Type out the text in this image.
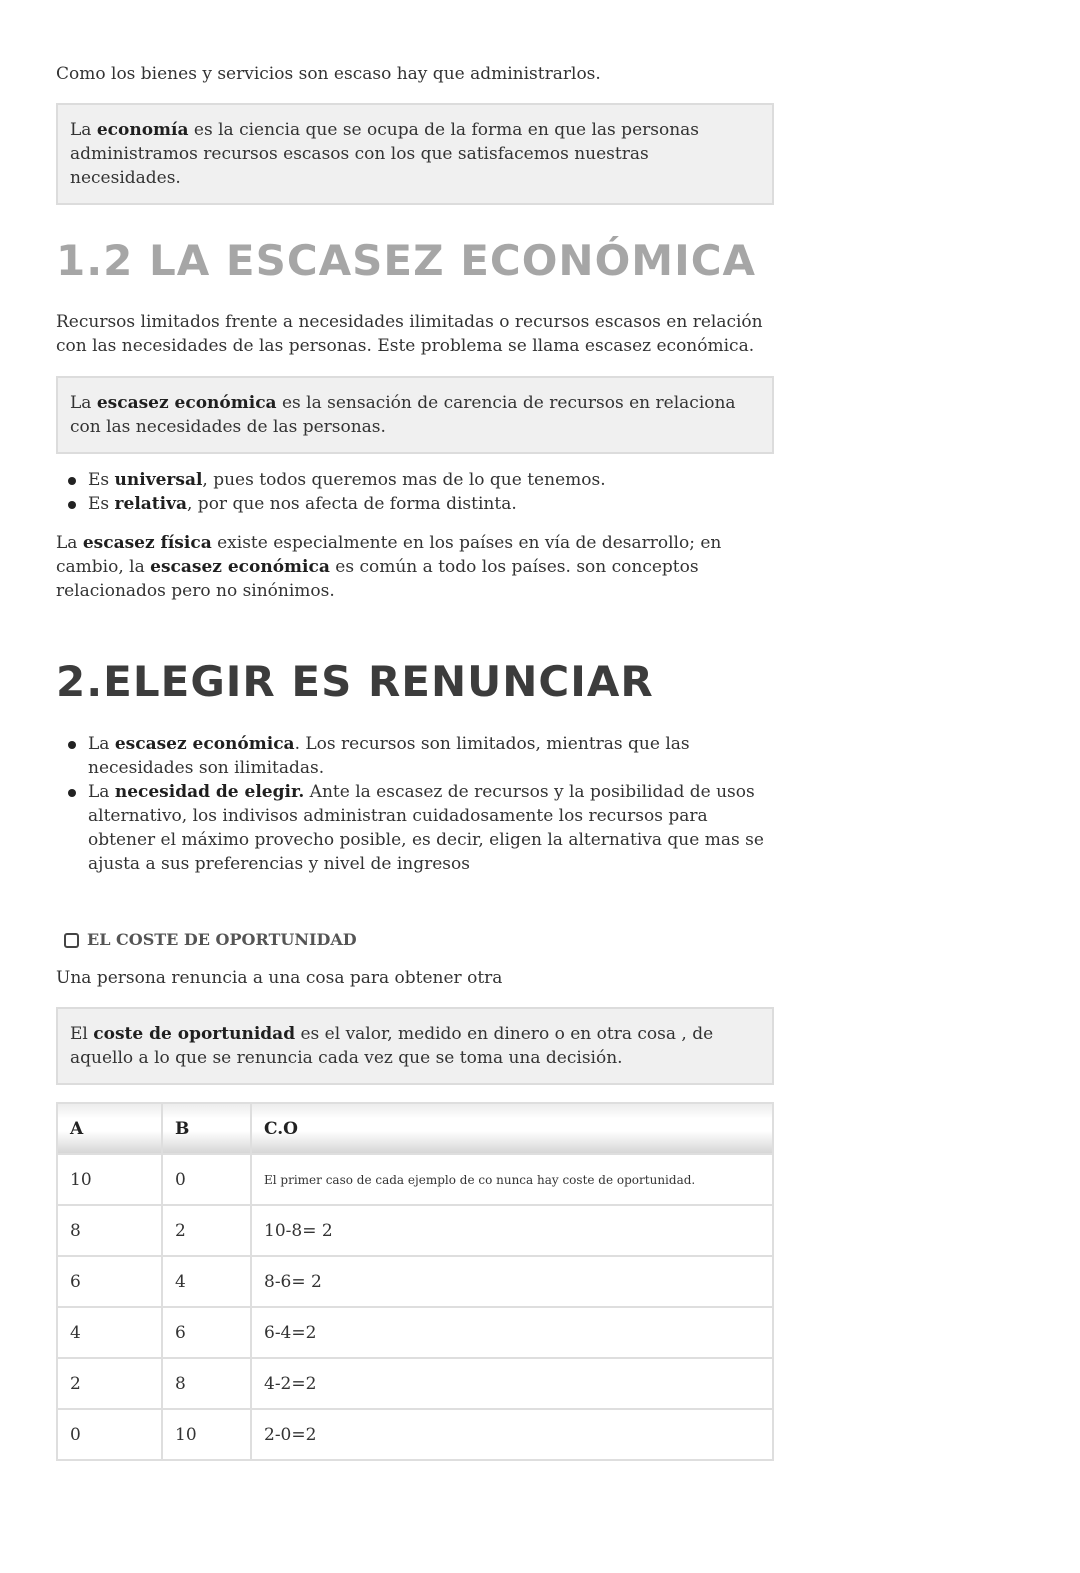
Como los bienes y servicios son escaso hay que administrarlos.

La economía es la ciencia que se ocupa de la forma en que las personas administramos recursos escasos con los que satisfacemos nuestras necesidades.
1.2 LA ESCASEZ ECONÓMICA

Recursos limitados frente a necesidades ilimitadas o recursos escasos en relación con las necesidades de las personas. Este problema se llama escasez económica.

La escasez económica es la sensación de carencia de recursos en relaciona con las necesidades de las personas.
Es universal, pues todos queremos mas de lo que tenemos.
Es relativa, por que nos afecta de forma distinta.

La escasez física existe especialmente en los países en vía de desarrollo; en cambio, la escasez económica es común a todo los países. son conceptos relacionados pero no sinónimos.

2.ELEGIR ES RENUNCIAR
La escasez económica. Los recursos son limitados, mientras que las necesidades son ilimitadas.
La necesidad de elegir. Ante la escasez de recursos y la posibilidad de usos alternativo, los indivisos administran cuidadosamente los recursos para obtener el máximo provecho posible, es decir, eligen la alternativa que mas se ajusta a sus preferencias y nivel de ingresos
EL COSTE DE OPORTUNIDAD

Una persona renuncia a una cosa para obtener otra

El coste de oportunidad es el valor, medido en dinero o en otra cosa , de aquello a lo que se renuncia cada vez que se toma una decisión.
A	B	C.O
10	0	El primer caso de cada ejemplo de co nunca hay coste de oportunidad.
8	2	10-8= 2
6	4	8-6= 2
4	6	6-4=2
2	8	4-2=2
0	10	2-0=2
